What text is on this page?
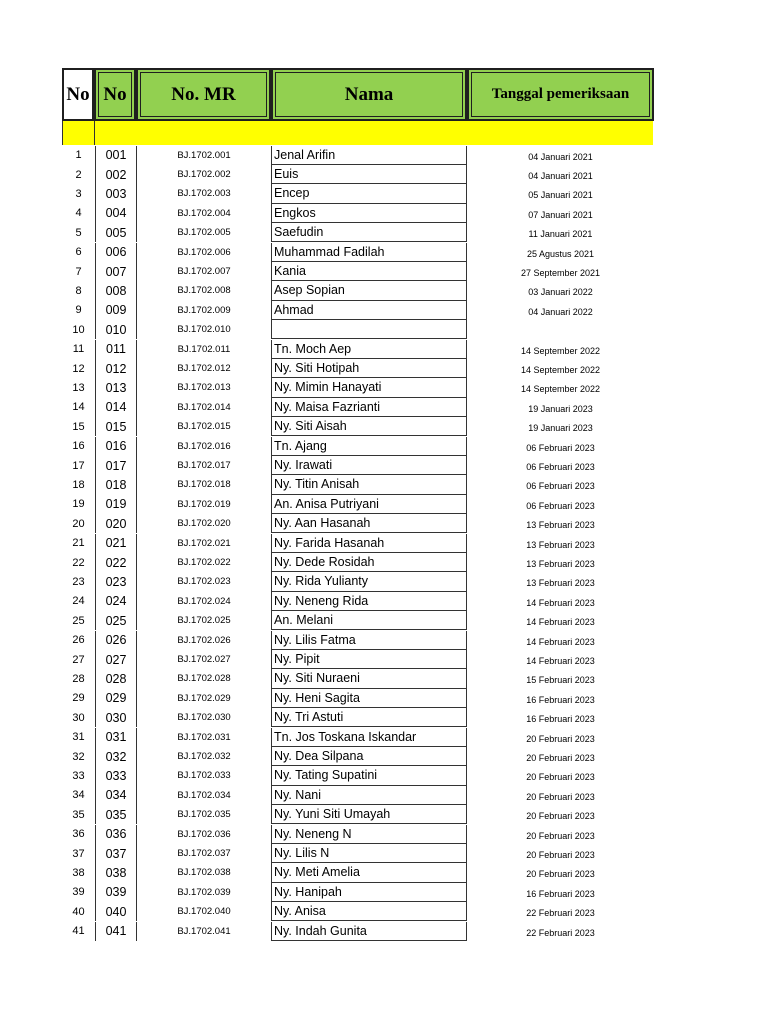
No No	No. MR	Nama	Tanggal pemeriksaan
1	001	BJ.1702.001	Jenal Arifin	04 Januari 2021
2	002	BJ.1702.002	Euis	04 Januari 2021
3	003	BJ.1702.003	Encep	05 Januari 2021
4	004	BJ.1702.004	Engkos	07 Januari 2021
5	005	BJ.1702.005	Saefudin	11 Januari 2021
6	006	BJ.1702.006	Muhammad Fadilah	25 Agustus 2021
7	007	BJ.1702.007	Kania	27 September 2021
8	008	BJ.1702.008	Asep Sopian	03 Januari 2022
9	009	BJ.1702.009	Ahmad	04 Januari 2022
10	010	BJ.1702.010
11	011	BJ.1702.011	Tn. Moch Aep	14 September 2022
12	012	BJ.1702.012	Ny. Siti Hotipah	14 September 2022
13	013	BJ.1702.013	Ny. Mimin Hanayati	14 September 2022
14	014	BJ.1702.014	Ny. Maisa Fazrianti	19 Januari 2023
15	015	BJ.1702.015	Ny. Siti Aisah	19 Januari 2023
16	016	BJ.1702.016	Tn. Ajang	06 Februari 2023
17	017	BJ.1702.017	Ny. Irawati	06 Februari 2023
18	018	BJ.1702.018	Ny. Titin Anisah	06 Februari 2023
19	019	BJ.1702.019	An. Anisa Putriyani	06 Februari 2023
20	020	BJ.1702.020	Ny. Aan Hasanah	13 Februari 2023
21	021	BJ.1702.021	Ny. Farida Hasanah	13 Februari 2023
22	022	BJ.1702.022	Ny. Dede Rosidah	13 Februari 2023
23	023	BJ.1702.023	Ny. Rida Yulianty	13 Februari 2023
24	024	BJ.1702.024	Ny. Neneng Rida	14 Februari 2023
25	025	BJ.1702.025	An. Melani	14 Februari 2023
26	026	BJ.1702.026	Ny. Lilis Fatma	14 Februari 2023
27	027	BJ.1702.027	Ny. Pipit	14 Februari 2023
28	028	BJ.1702.028	Ny. Siti Nuraeni	15 Februari 2023
29	029	BJ.1702.029	Ny. Heni Sagita	16 Februari 2023
30	030	BJ.1702.030	Ny. Tri Astuti	16 Februari 2023
31	031	BJ.1702.031	Tn. Jos Toskana Iskandar	20 Februari 2023
32	032	BJ.1702.032	Ny. Dea Silpana	20 Februari 2023
33	033	BJ.1702.033	Ny. Tating Supatini	20 Februari 2023
34	034	BJ.1702.034	Ny. Nani	20 Februari 2023
35	035	BJ.1702.035	Ny. Yuni Siti Umayah	20 Februari 2023
36	036	BJ.1702.036	Ny. Neneng N	20 Februari 2023
37	037	BJ.1702.037	Ny. Lilis N	20 Februari 2023
38	038	BJ.1702.038	Ny. Meti Amelia	20 Februari 2023
39	039	BJ.1702.039	Ny. Hanipah	16 Februari 2023
40	040	BJ.1702.040	Ny. Anisa	22 Februari 2023
41	041	BJ.1702.041	Ny. Indah Gunita	22 Februari 2023
